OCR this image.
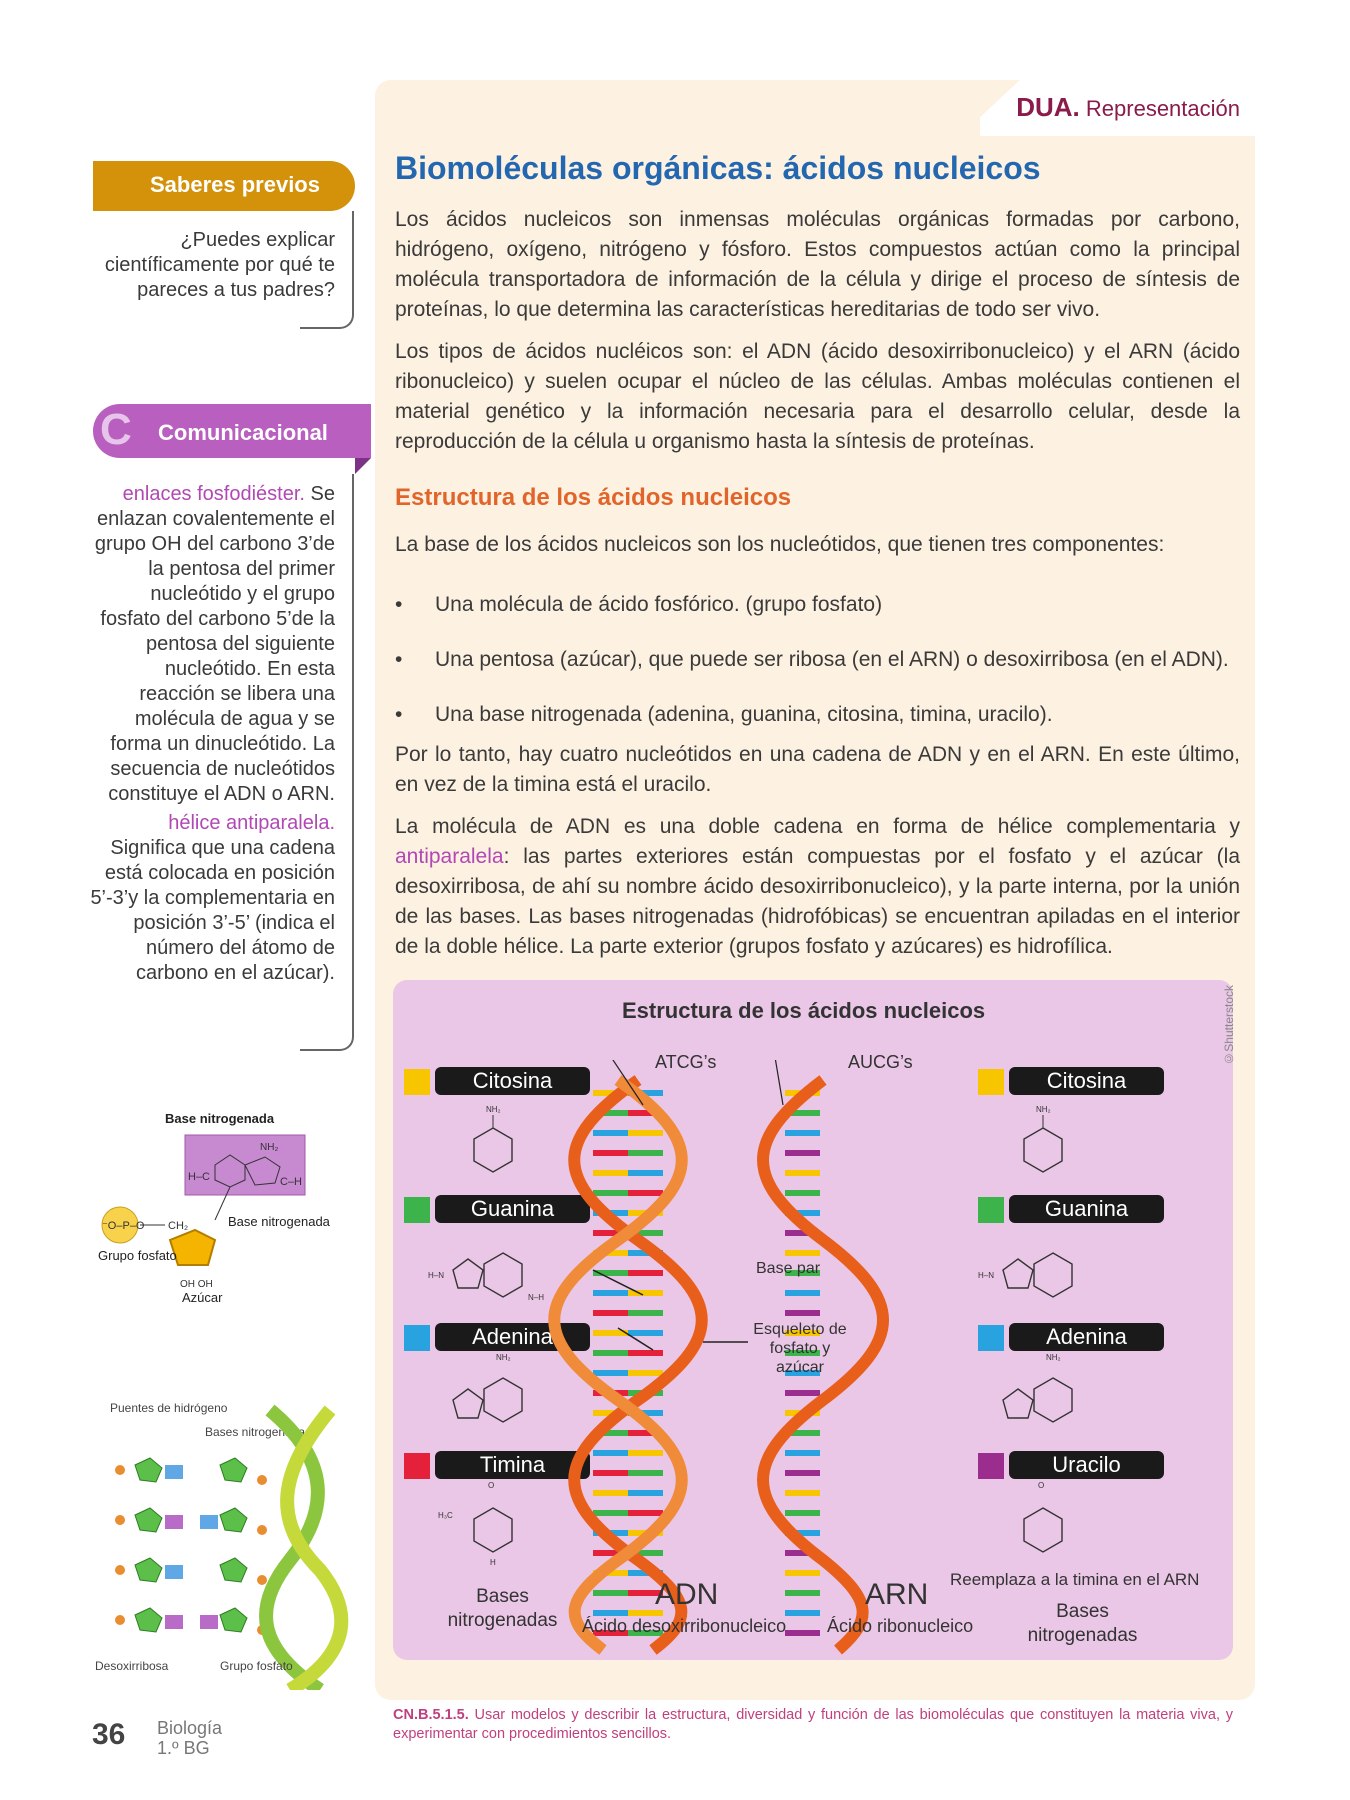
DUA. Representación
Biomoléculas orgánicas: ácidos nucleicos
Los ácidos nucleicos son inmensas moléculas orgánicas formadas por carbono, hidrógeno, oxígeno, nitrógeno y fósforo. Estos compuestos actúan como la principal molécula transportadora de información de la célula y dirige el proceso de síntesis de proteínas, lo que determina las características hereditarias de todo ser vivo.
Los tipos de ácidos nucléicos son: el ADN (ácido desoxirribonucleico) y el ARN (ácido ribonucleico) y suelen ocupar el núcleo de las células. Ambas moléculas contienen el material genético y la información necesaria para el desarrollo celular, desde la reproducción de la célula u organismo hasta la síntesis de proteínas.
Estructura de los ácidos nucleicos
La base de los ácidos nucleicos son los nucleótidos, que tienen tres componentes:
• Una molécula de ácido fosfórico. (grupo fosfato)
• Una pentosa (azúcar), que puede ser ribosa (en el ARN) o desoxirribosa (en el ADN).
• Una base nitrogenada (adenina, guanina, citosina, timina, uracilo).
Por lo tanto, hay cuatro nucleótidos en una cadena de ADN y en el ARN. En este último, en vez de la timina está el uracilo.
La molécula de ADN es una doble cadena en forma de hélice complementaria y antiparalela: las partes exteriores están compuestas por el fosfato y el azúcar (la desoxirribosa, de ahí su nombre ácido desoxirribonucleico), y la parte interna, por la unión de las bases. Las bases nitrogenadas (hidrofóbicas) se encuentran apiladas en el interior de la doble hélice. La parte exterior (grupos fosfato y azúcares) es hidrofílica.
Saberes previos
¿Puedes explicar científicamente por qué te pareces a tus padres?
C Comunicacional
enlaces fosfodiéster. Se enlazan covalentemente el grupo OH del carbono 3’de la pentosa del primer nucleótido y el grupo fosfato del carbono 5’de la pentosa del siguiente nucleótido. En esta reacción se libera una molécula de agua y se forma un dinucleótido. La secuencia de nucleótidos constituye el ADN o ARN.

hélice antiparalela.
Significa que una cadena está colocada en posición 5’-3’y la complementaria en posición 3’-5’ (indica el número del átomo de carbono en el azúcar).
Base nitrogenada
H–C	C–H
NH₂
⁻O–P–O CH₂	Base nitrogenada
Grupo fosfato
OH OH
Azúcar
Puentes de hidrógeno
Bases nitrogenadas
Desoxirribosa	Grupo fosfato
Estructura de los ácidos nucleicos	©Shutterstock
Citosina
Guanina
Adenina
Timina
Citosina
Guanina
Adenina
Uracilo
NH₂
H–N
N–H
NH₂
H₃C
O
H
NH₂
H–N
NH₂
O
ATCG’s	AUCG’s
Base par
Esqueleto de fosfato y azúcar
Bases nitrogenadas
ADN
Ácido desoxirribonucleico
ARN
Ácido ribonucleico
Reemplaza a la timina en el ARN
Bases nitrogenadas
36 Biología
1.º BG
CN.B.5.1.5. Usar modelos y describir la estructura, diversidad y función de las biomoléculas que constituyen la materia viva, y experimentar con procedimientos sencillos.
